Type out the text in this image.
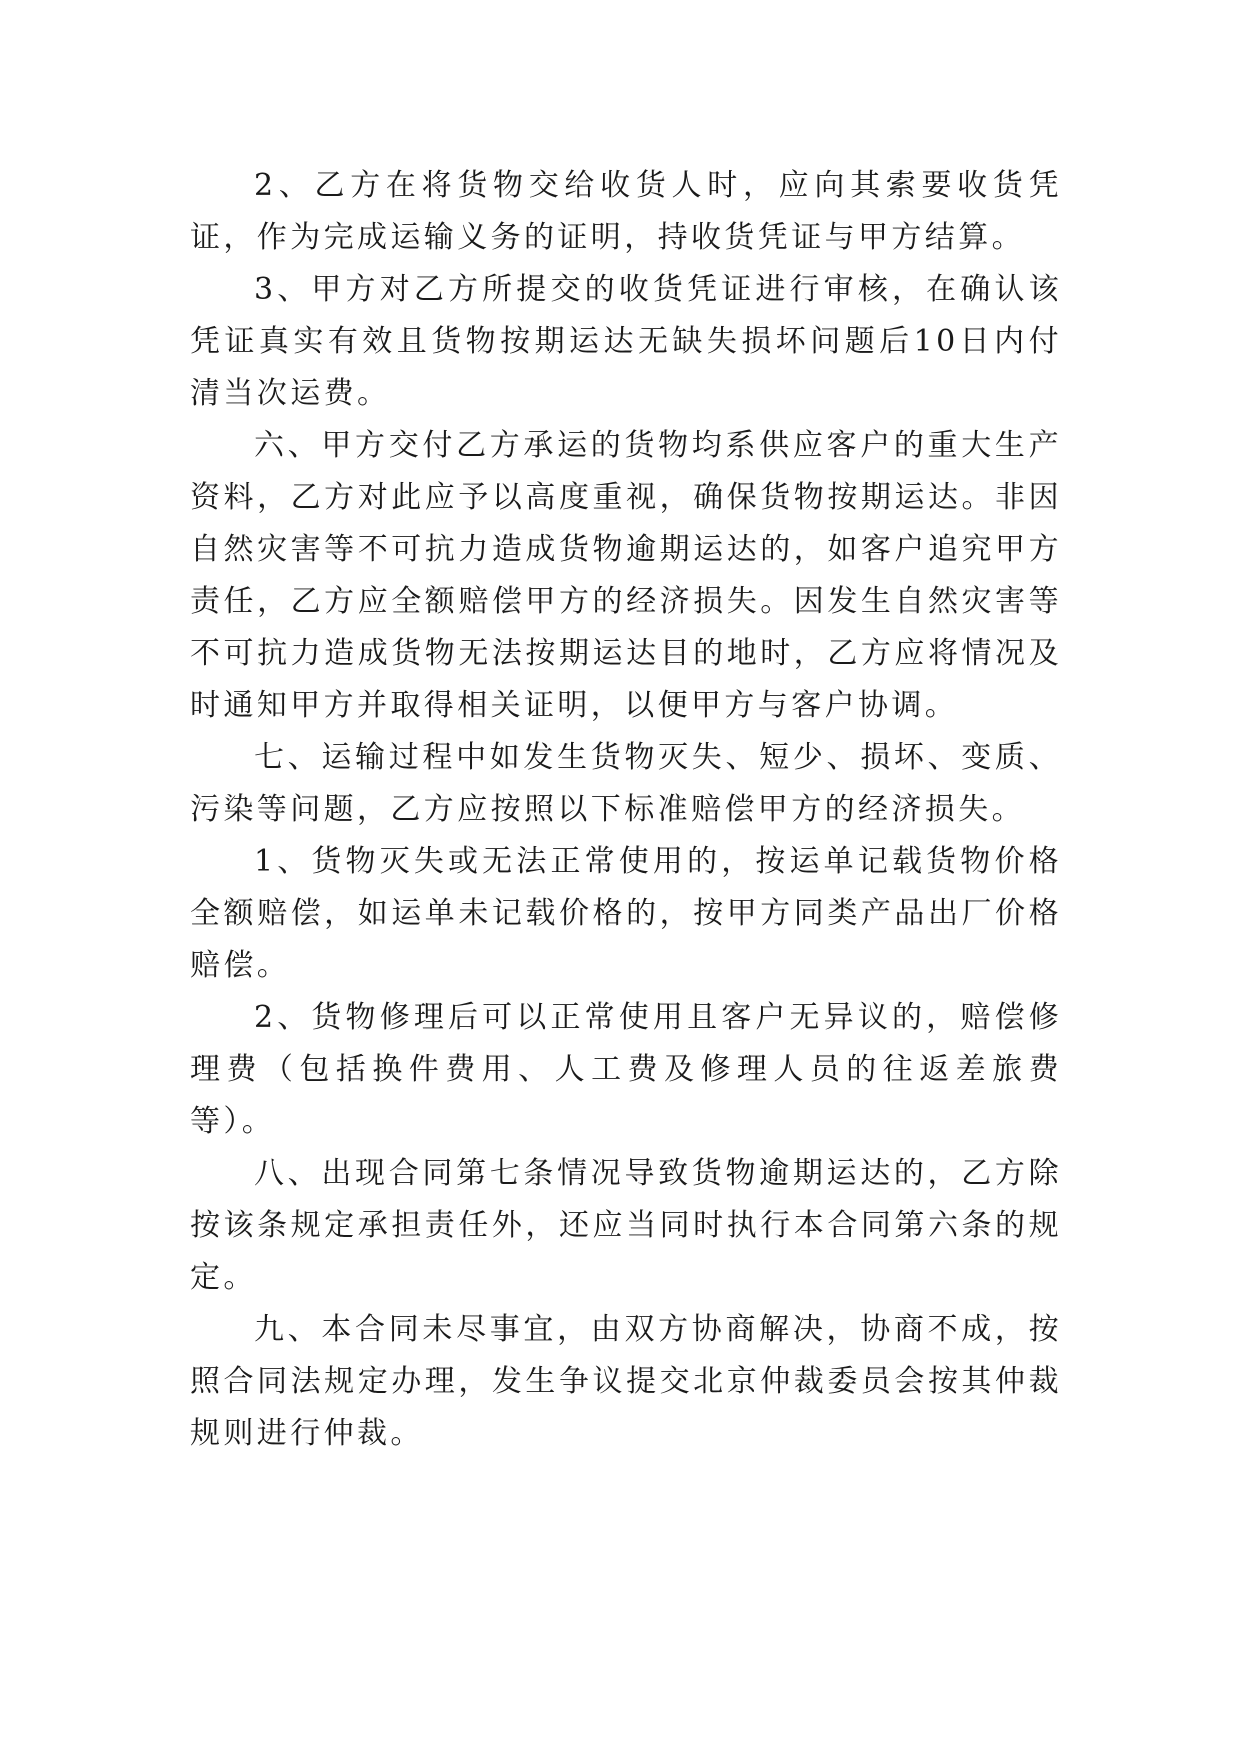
2、乙方在将货物交给收货人时，应向其索要收货凭证，作为完成运输义务的证明，持收货凭证与甲方结算。

3、甲方对乙方所提交的收货凭证进行审核，在确认该凭证真实有效且货物按期运达无缺失损坏问题后10日内付清当次运费。

六、甲方交付乙方承运的货物均系供应客户的重大生产资料，乙方对此应予以高度重视，确保货物按期运达。非因自然灾害等不可抗力造成货物逾期运达的，如客户追究甲方责任，乙方应全额赔偿甲方的经济损失。因发生自然灾害等不可抗力造成货物无法按期运达目的地时，乙方应将情况及时通知甲方并取得相关证明，以便甲方与客户协调。

七、运输过程中如发生货物灭失、短少、损坏、变质、污染等问题，乙方应按照以下标准赔偿甲方的经济损失。

1、货物灭失或无法正常使用的，按运单记载货物价格全额赔偿，如运单未记载价格的，按甲方同类产品出厂价格赔偿。

2、货物修理后可以正常使用且客户无异议的，赔偿修理费（包括换件费用、人工费及修理人员的往返差旅费等）。

八、出现合同第七条情况导致货物逾期运达的，乙方除按该条规定承担责任外，还应当同时执行本合同第六条的规定。

九、本合同未尽事宜，由双方协商解决，协商不成，按照合同法规定办理，发生争议提交北京仲裁委员会按其仲裁规则进行仲裁。
